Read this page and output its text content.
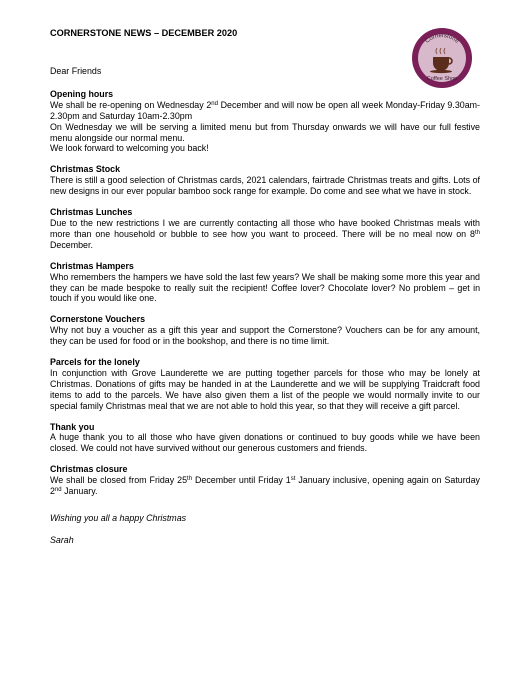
CORNERSTONE NEWS – DECEMBER 2020
Dear Friends
Opening hours

We shall be re-opening on Wednesday 2nd December and will now be open all week Monday-Friday 9.30am-2.30pm and Saturday 10am-2.30pm

On Wednesday we will be serving a limited menu but from Thursday onwards we will have our full festive menu alongside our normal menu.

We look forward to welcoming you back!

Christmas Stock

There is still a good selection of Christmas cards, 2021 calendars, fairtrade Christmas treats and gifts. Lots of new designs in our ever popular bamboo sock range for example. Do come and see what we have in stock.

Christmas Lunches

Due to the new restrictions I we are currently contacting all those who have booked Christmas meals with more than one household or bubble to see how you want to proceed. There will be no meal now on 8th December.

Christmas Hampers

Who remembers the hampers we have sold the last few years? We shall be making some more this year and they can be made bespoke to really suit the recipient! Coffee lover? Chocolate lover? No problem – get in touch if you would like one.

Cornerstone Vouchers

Why not buy a voucher as a gift this year and support the Cornerstone? Vouchers can be for any amount, they can be used for food or in the bookshop, and there is no time limit.

Parcels for the lonely

In conjunction with Grove Launderette we are putting together parcels for those who may be lonely at Christmas. Donations of gifts may be handed in at the Launderette and we will be supplying Traidcraft food items to add to the parcels. We have also given them a list of the people we would normally invite to our special family Christmas meal that we are not able to hold this year, so that they will receive a gift parcel.

Thank you

A huge thank you to all those who have given donations or continued to buy goods while we have been closed. We could not have survived without our generous customers and friends.

Christmas closure

We shall be closed from Friday 25th December until Friday 1st January inclusive, opening again on Saturday 2nd January.

Wishing you all a happy Christmas
Sarah
Cornerstone
Coffee Shop
